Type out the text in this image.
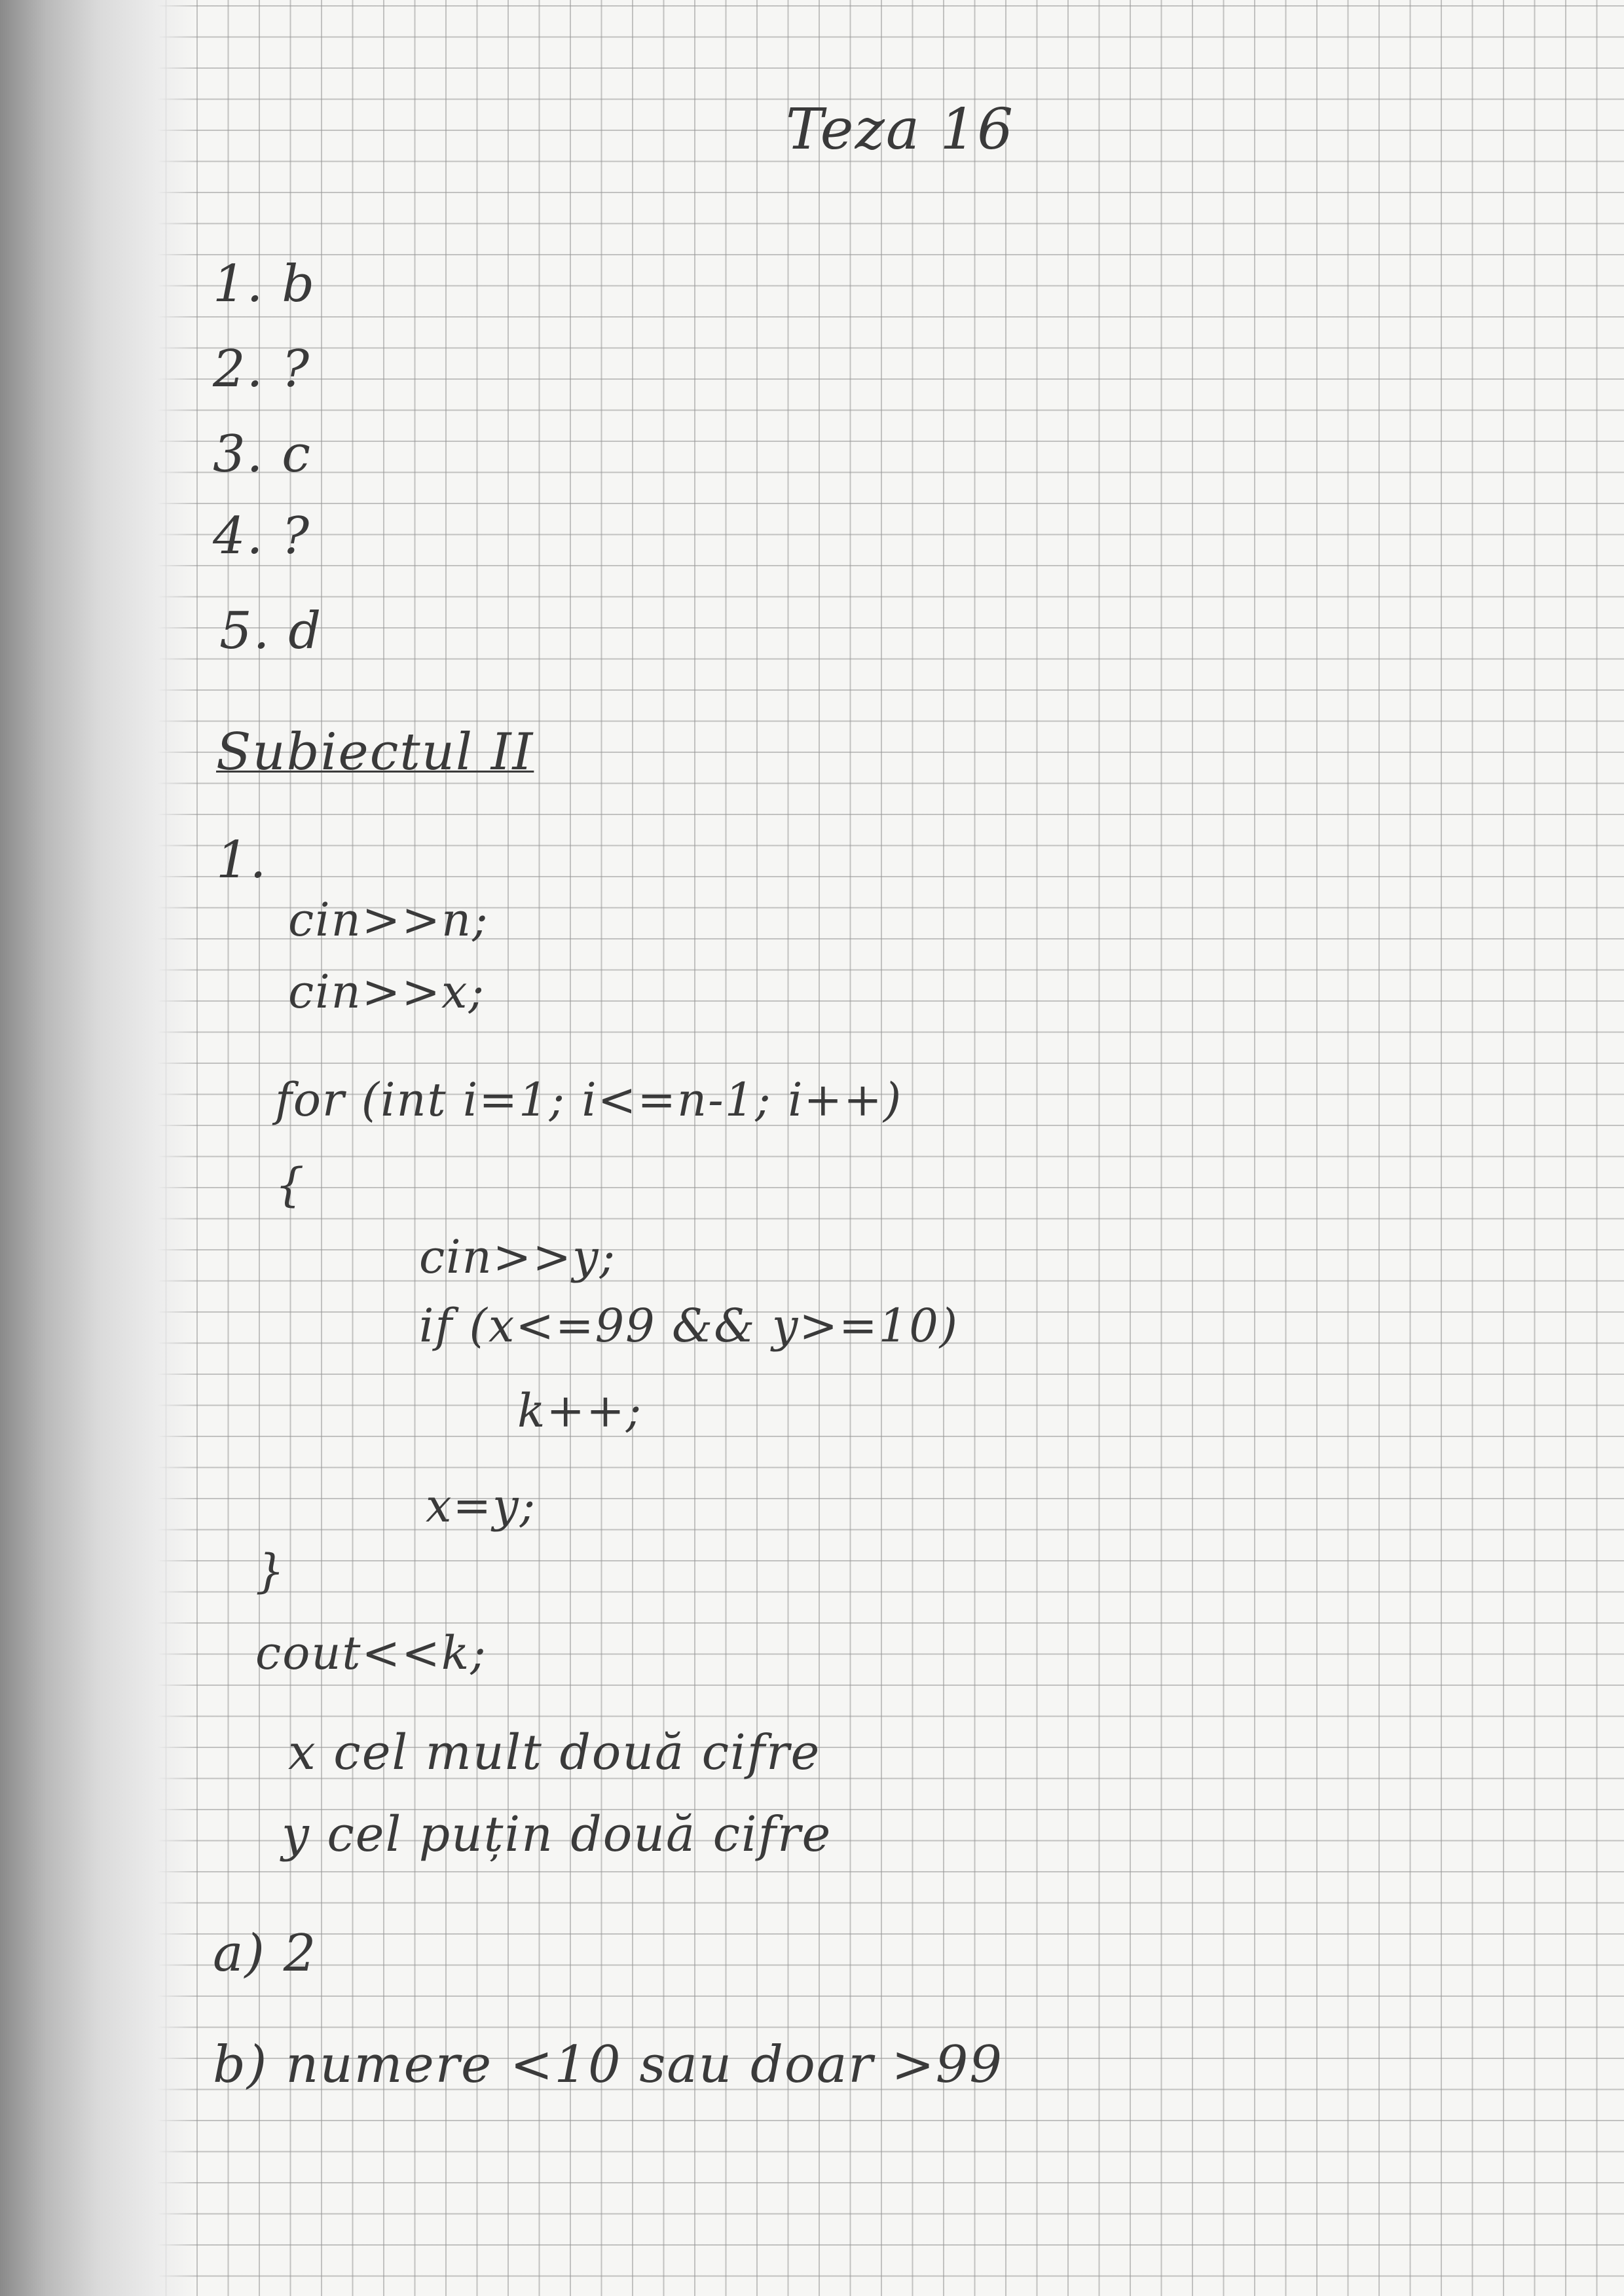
Teza 16
1. b
2. ?
3. c
4. ?
5. d
Subiectul II
1.
cin>>n;
cin>>x;
for (int i=1; i<=n-1; i++)
{
cin>>y;
if (x<=99 && y>=10)
k++;
x=y;
}
cout<<k;
x cel mult două cifre
y cel puțin două cifre
a) 2
b) numere <10 sau doar >99
